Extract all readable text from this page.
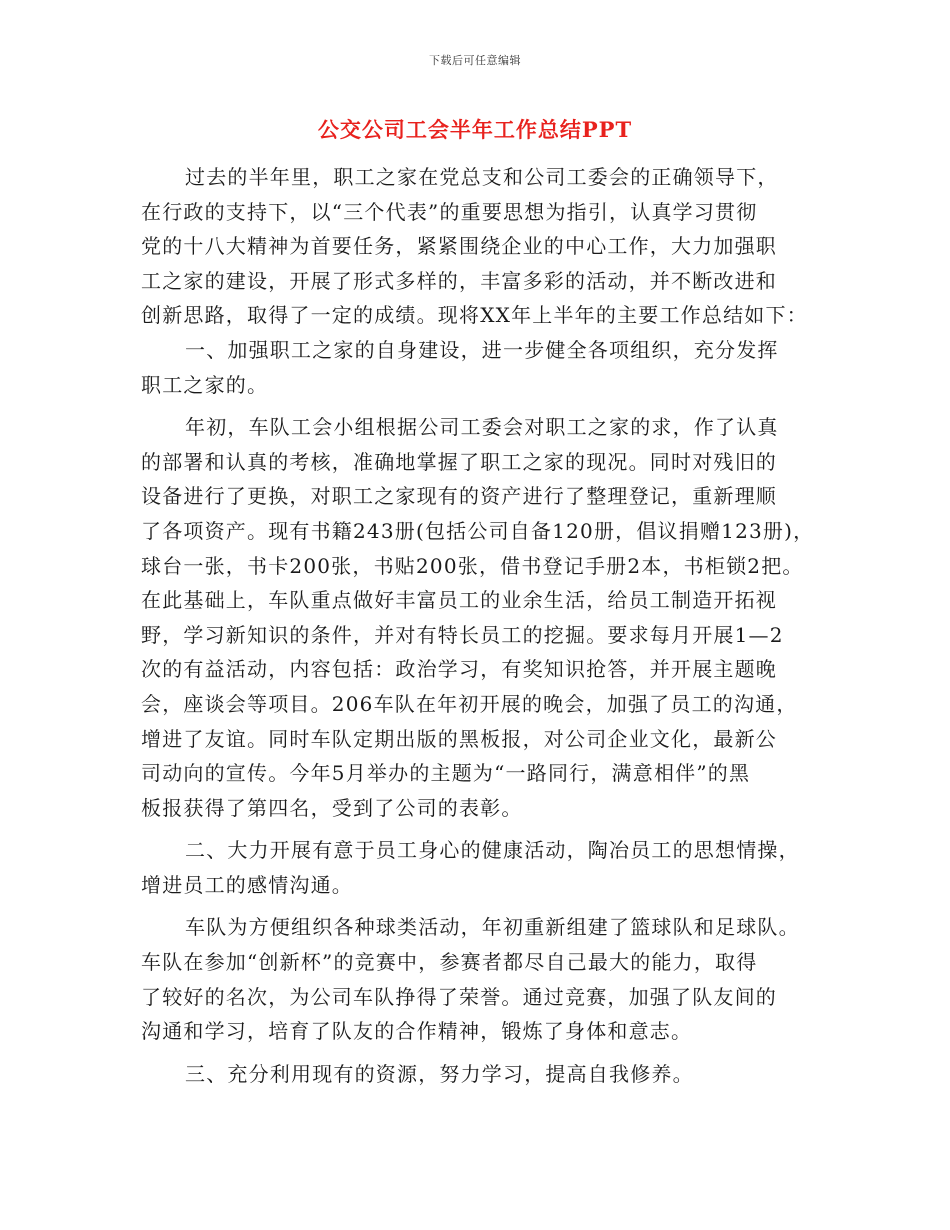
下载后可任意编辑
公交公司工会半年工作总结PPT
过去的半年里，职工之家在党总支和公司工委会的正确领导下，
在行政的支持下，以“三个代表”的重要思想为指引，认真学习贯彻
党的十八大精神为首要任务，紧紧围绕企业的中心工作，大力加强职
工之家的建设，开展了形式多样的，丰富多彩的活动，并不断改进和
创新思路，取得了一定的成绩。现将XX年上半年的主要工作总结如下：
一、加强职工之家的自身建设，进一步健全各项组织，充分发挥
职工之家的。
年初，车队工会小组根据公司工委会对职工之家的求，作了认真
的部署和认真的考核，准确地掌握了职工之家的现况。同时对残旧的
设备进行了更换，对职工之家现有的资产进行了整理登记，重新理顺
了各项资产。现有书籍243册(包括公司自备120册，倡议捐赠123册)，
球台一张，书卡200张，书贴200张，借书登记手册2本，书柜锁2把。
在此基础上，车队重点做好丰富员工的业余生活，给员工制造开拓视
野，学习新知识的条件，并对有特长员工的挖掘。要求每月开展1—2
次的有益活动，内容包括：政治学习，有奖知识抢答，并开展主题晚
会，座谈会等项目。206车队在年初开展的晚会，加强了员工的沟通，
增进了友谊。同时车队定期出版的黑板报，对公司企业文化，最新公
司动向的宣传。今年5月举办的主题为“一路同行，满意相伴”的黑
板报获得了第四名，受到了公司的表彰。
二、大力开展有意于员工身心的健康活动，陶冶员工的思想情操，
增进员工的感情沟通。
车队为方便组织各种球类活动，年初重新组建了篮球队和足球队。
车队在参加“创新杯”的竞赛中，参赛者都尽自己最大的能力，取得
了较好的名次，为公司车队挣得了荣誉。通过竞赛，加强了队友间的
沟通和学习，培育了队友的合作精神，锻炼了身体和意志。
三、充分利用现有的资源，努力学习，提高自我修养。
